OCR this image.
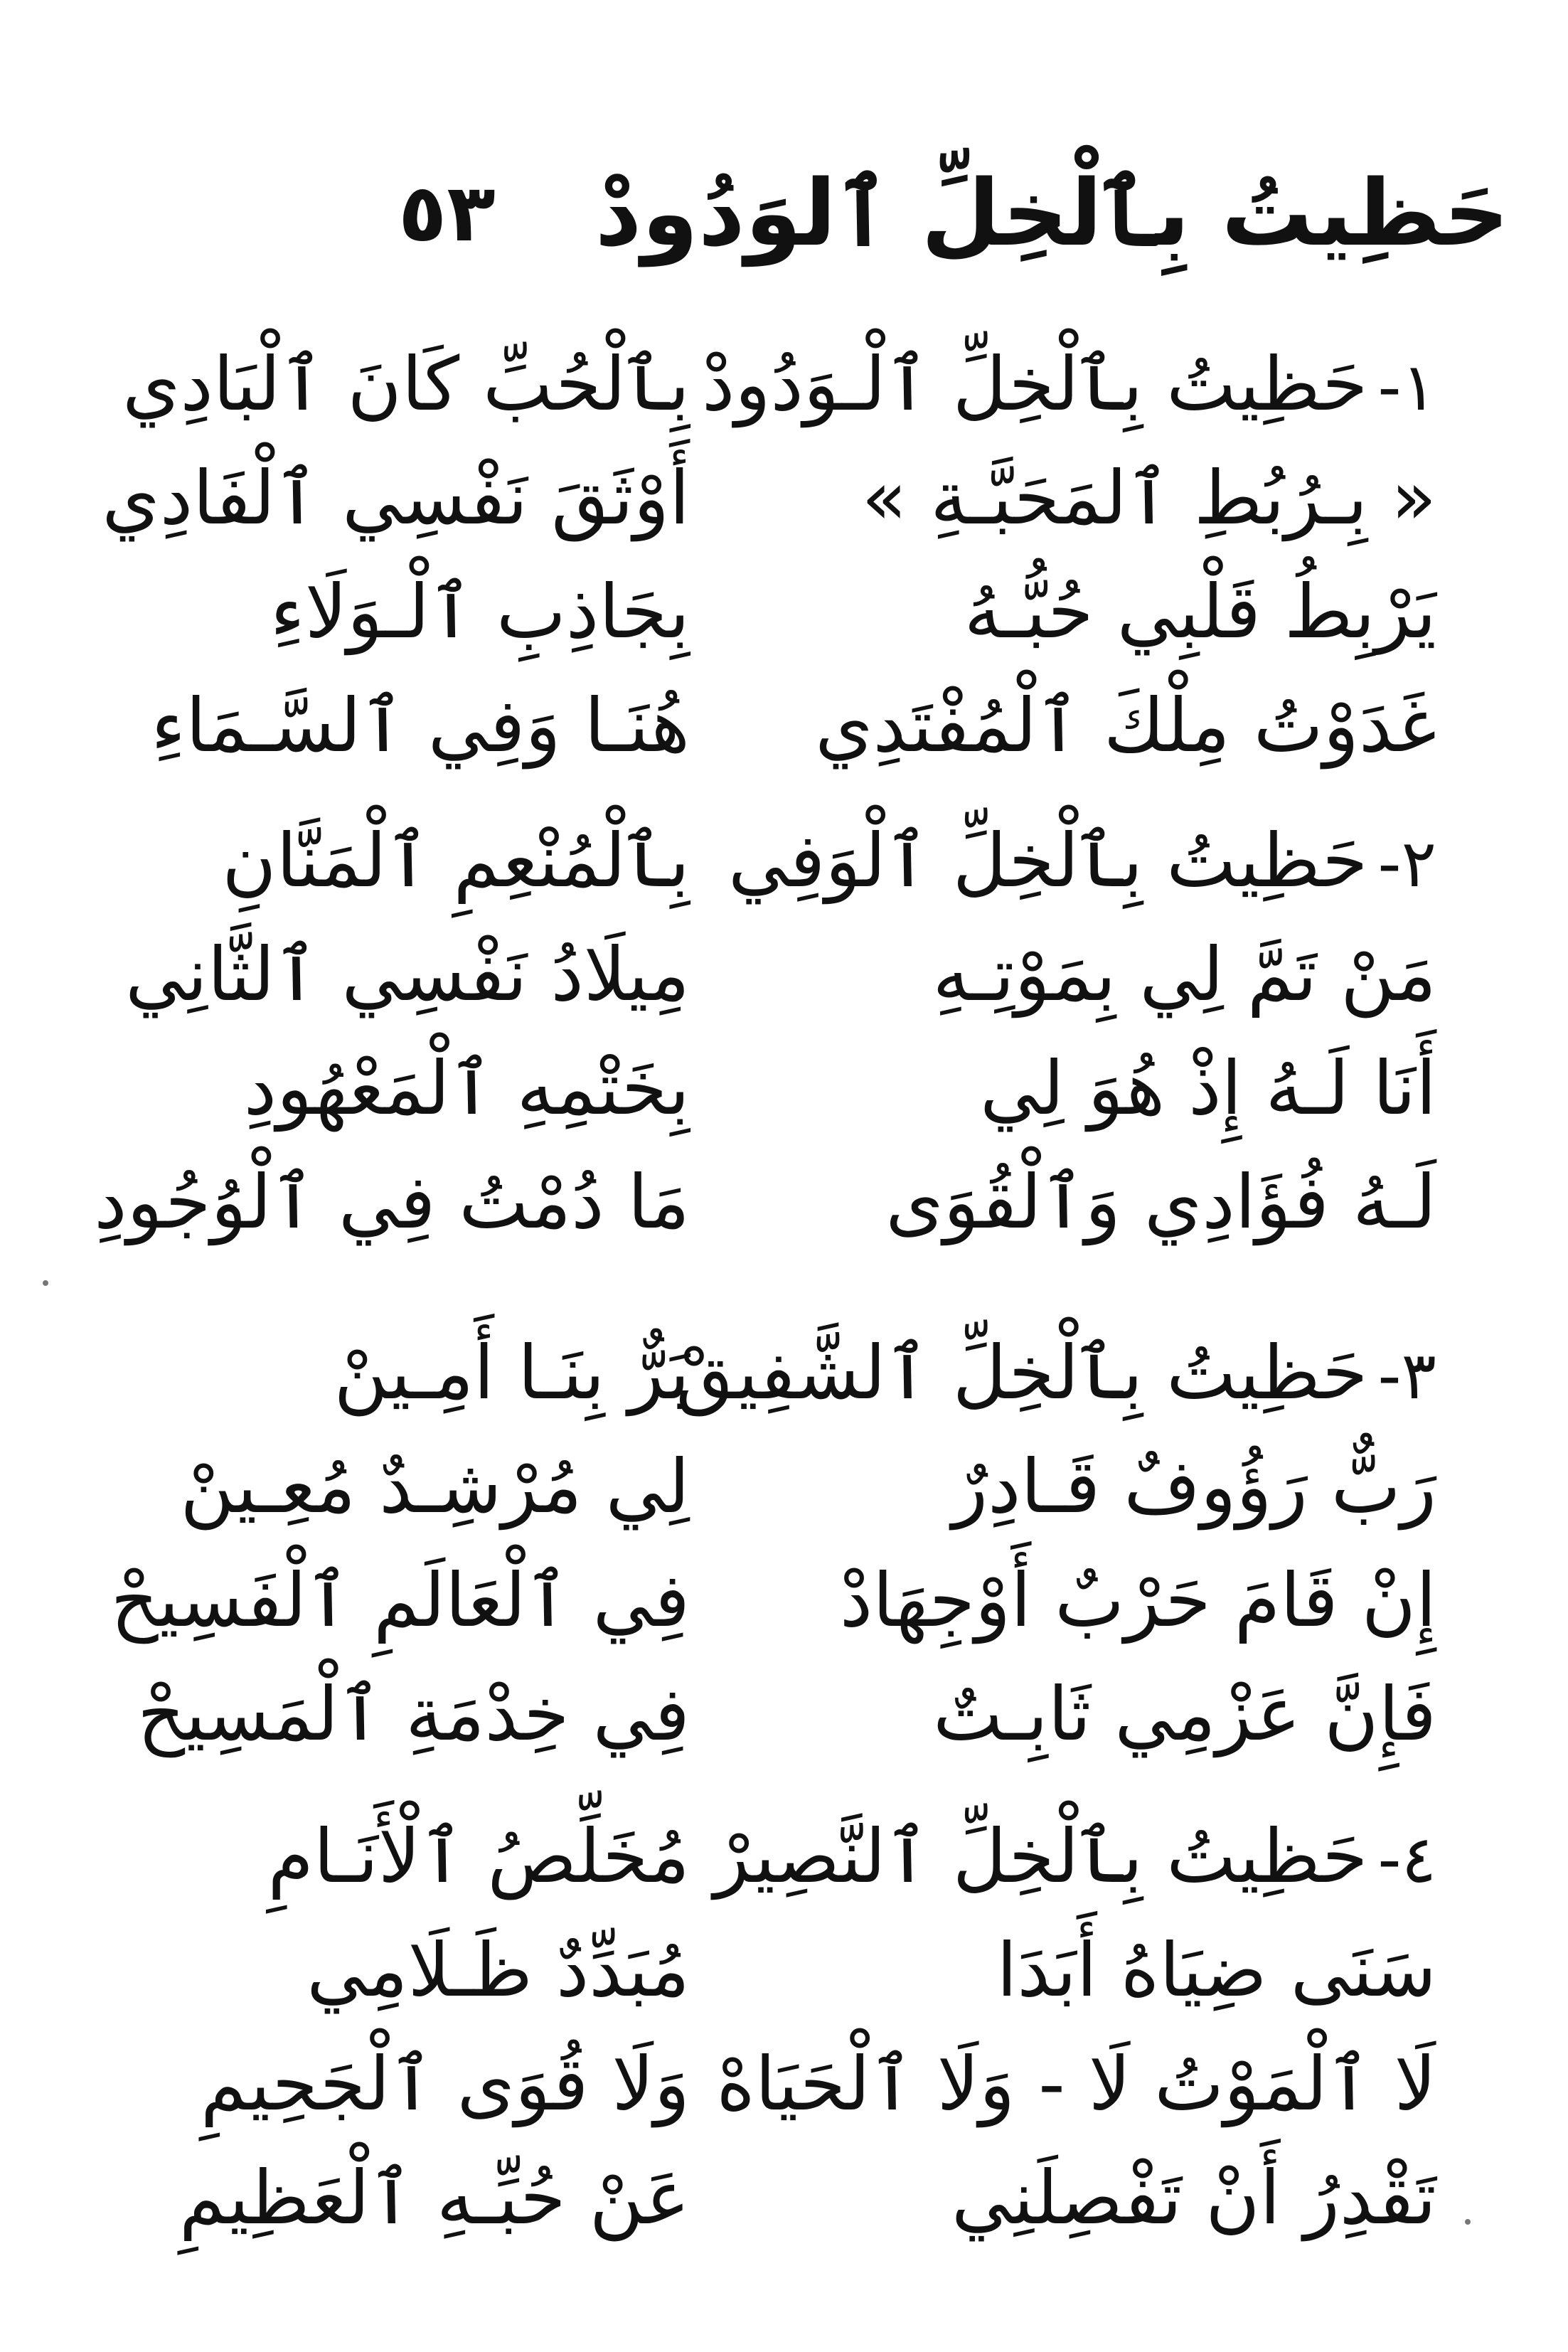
٥٣ حَظِيتُ بِٱلْخِلِّ ٱلوَدُودْ
١-حَظِيتُ بِٱلْخِلِّ ٱلْـوَدُودْ
« بِـرُبُطِ ٱلمَحَبَّـةِ »
يَرْبِطُ قَلْبِي حُبُّـهُ
غَدَوْتُ مِلْكَ ٱلْمُفْتَدِي
بِٱلْحُبِّ كَانَ ٱلْبَادِي
أَوْثَقَ نَفْسِي ٱلْفَادِي
بِجَاذِبِ ٱلْـوَلَاءِ
هُنَـا وَفِي ٱلسَّـمَاءِ
٢-حَظِيتُ بِٱلْخِلِّ ٱلْوَفِي
مَنْ تَمَّ لِي بِمَوْتِـهِ
أَنَا لَـهُ إِذْ هُوَ لِي
لَـهُ فُؤَادِي وَٱلْقُوَى
بِٱلْمُنْعِمِ ٱلْمَنَّانِ
مِيلَادُ نَفْسِي ٱلثَّانِي
بِخَتْمِهِ ٱلْمَعْهُودِ
مَا دُمْتُ فِي ٱلْوُجُودِ
٣-حَظِيتُ بِٱلْخِلِّ ٱلشَّفِيقْ
رَبٌّ رَؤُوفٌ قَـادِرٌ
إِنْ قَامَ حَرْبٌ أَوْجِهَادْ
فَإِنَّ عَزْمِي ثَابِـتٌ
بَرٌّ بِنَـا أَمِـينْ
لِي مُرْشِـدٌ مُعِـينْ
فِي ٱلْعَالَمِ ٱلْفَسِيحْ
فِي خِدْمَةِ ٱلْمَسِيحْ
٤-حَظِيتُ بِٱلْخِلِّ ٱلنَّصِيرْ
سَنَى ضِيَاهُ أَبَدَا
لَا ٱلْمَوْتُ لَا - وَلَا ٱلْحَيَاهْ
تَقْدِرُ أَنْ تَفْصِلَنِي
مُخَلِّصُ ٱلْأَنَـامِ
مُبَدِّدٌ ظَـلَامِي
وَلَا قُوَى ٱلْجَحِيمِ
عَنْ حُبِّـهِ ٱلْعَظِيمِ
